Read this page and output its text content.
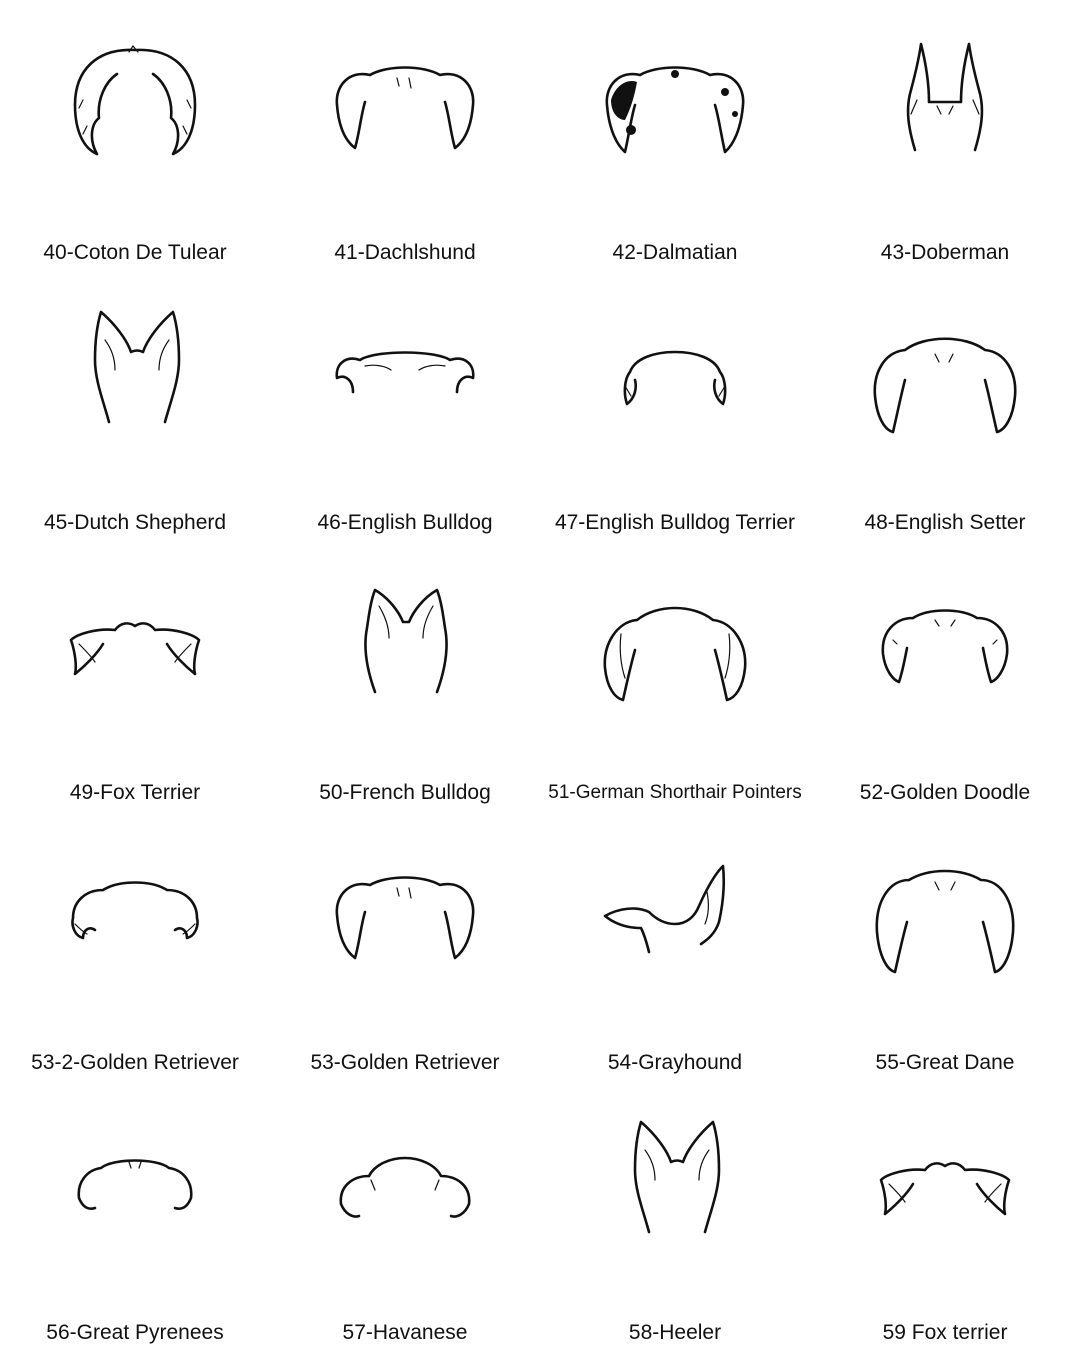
40-Coton De Tulear	41-Dachlshund	42-Dalmatian	43-Doberman
45-Dutch Shepherd	46-English Bulldog	47-English Bulldog Terrier	48-English Setter
49-Fox Terrier	50-French Bulldog	51-German Shorthair Pointers	52-Golden Doodle
53-2-Golden Retriever	53-Golden Retriever	54-Grayhound	55-Great Dane
56-Great Pyrenees	57-Havanese	58-Heeler	59 Fox terrier
